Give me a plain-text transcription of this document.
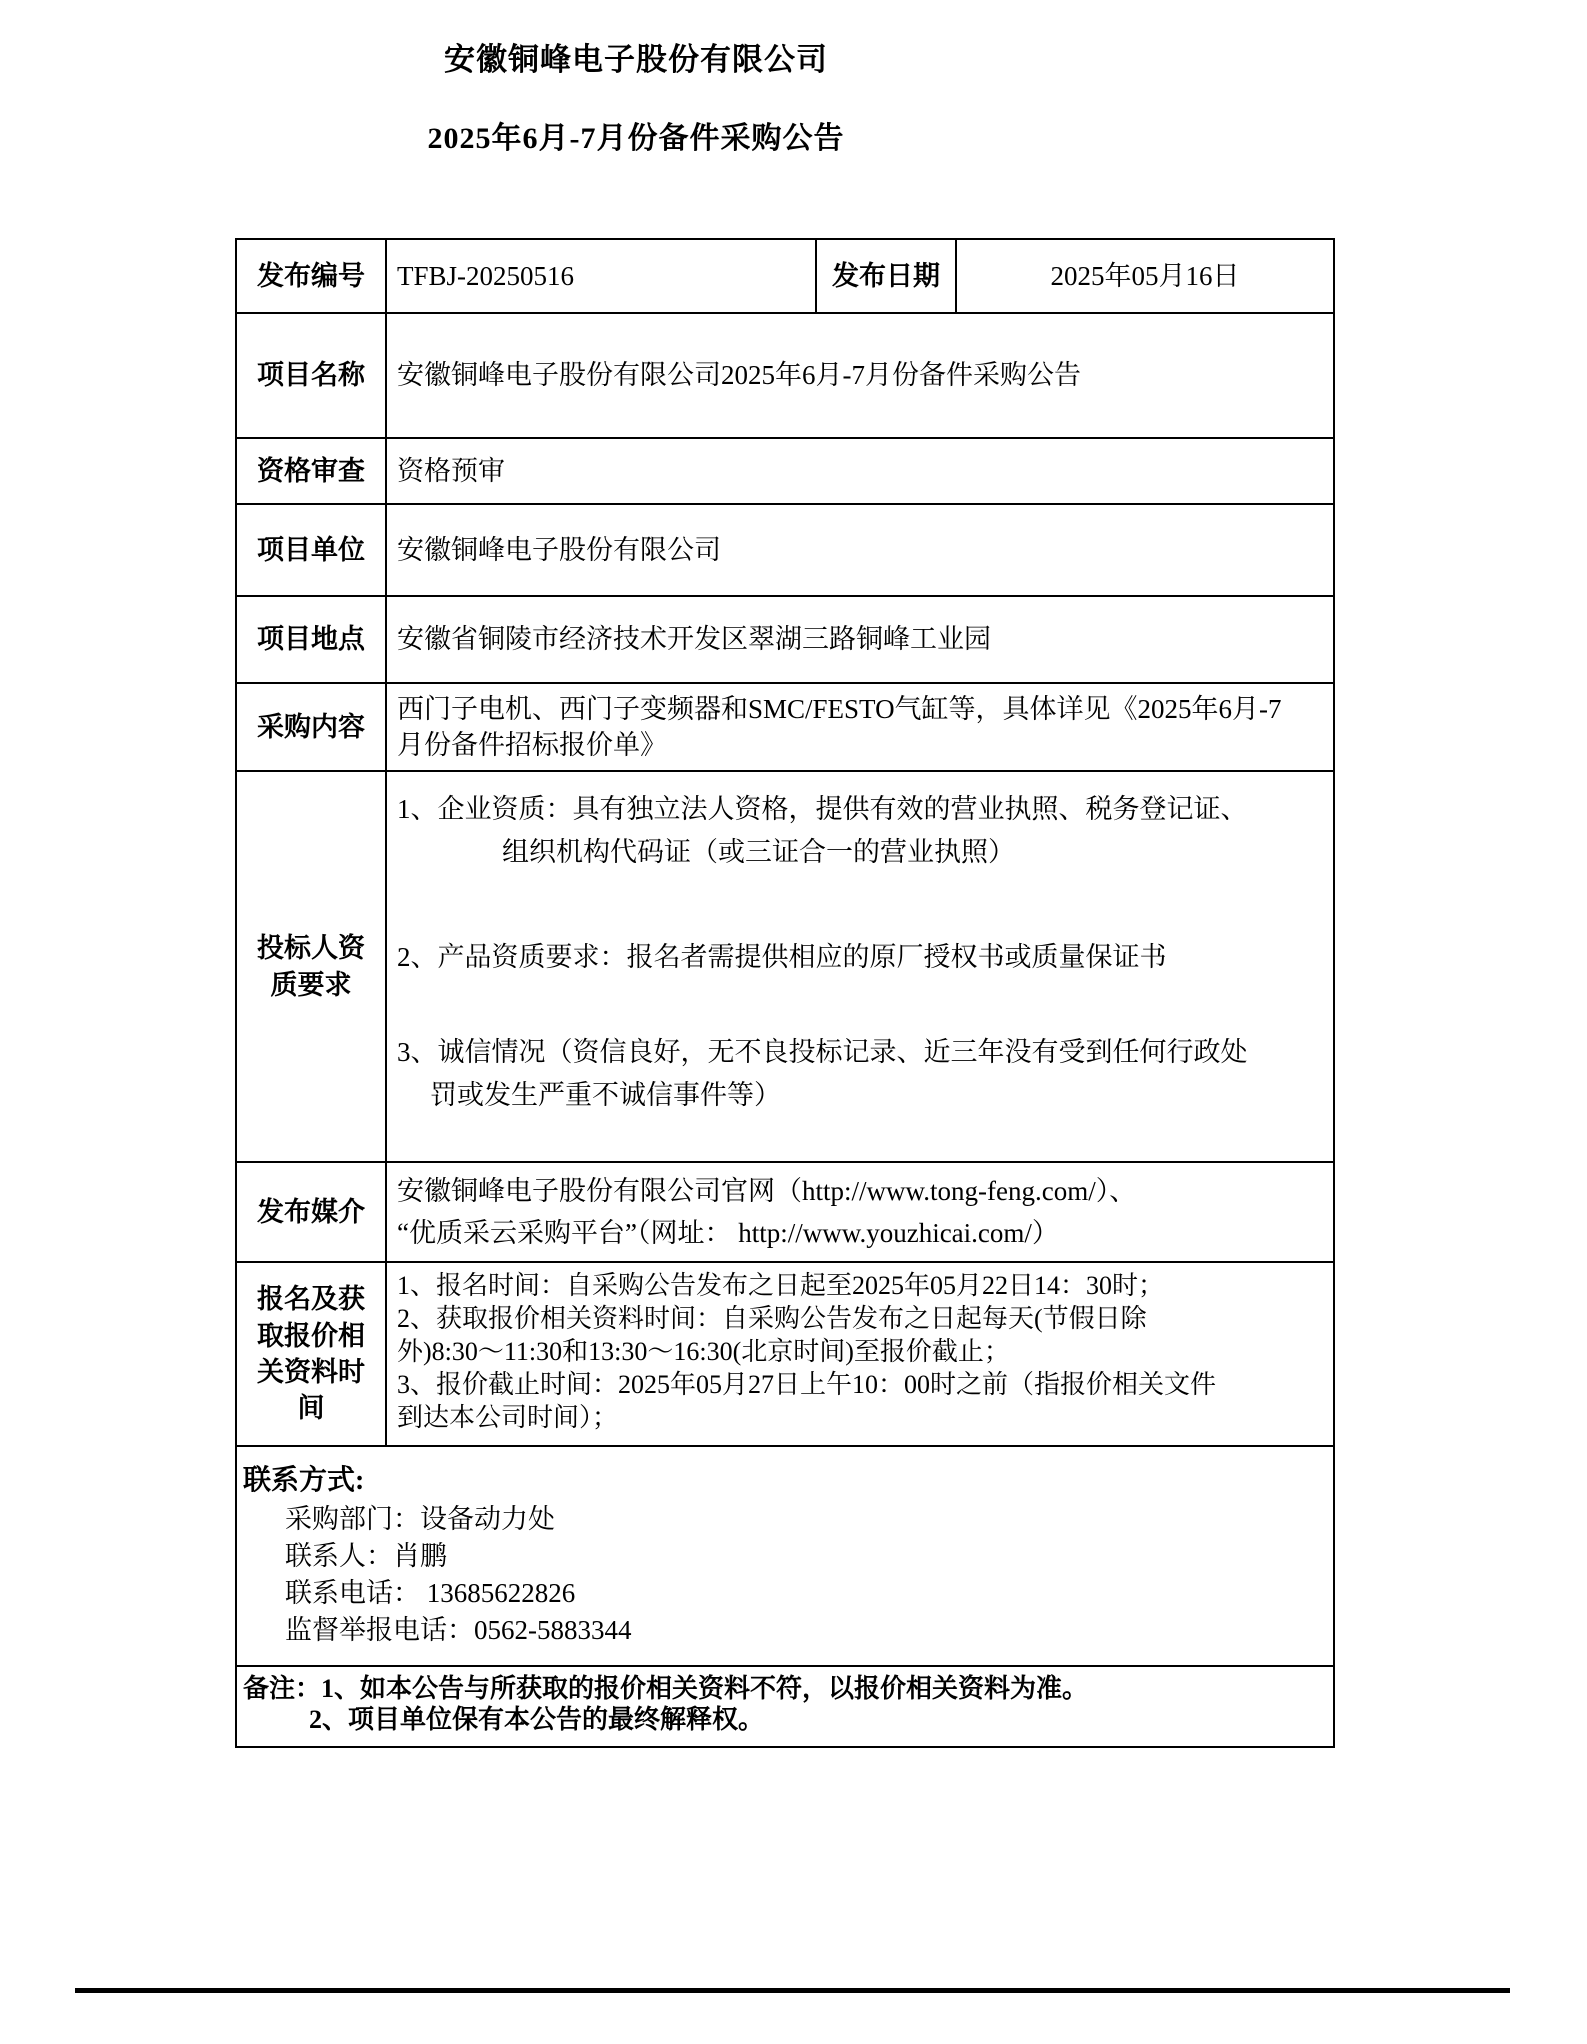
安徽铜峰电子股份有限公司
2025年6月-7月份备件采购公告
发布编号	TFBJ-20250516	发布日期	2025年05月16日
项目名称	安徽铜峰电子股份有限公司2025年6月-7月份备件采购公告		
资格审查	资格预审		
项目单位	安徽铜峰电子股份有限公司		
项目地点	安徽省铜陵市经济技术开发区翠湖三路铜峰工业园		
采购内容	西门子电机、西门子变频器和SMC/FESTO气缸等，具体详见《2025年6月-7
月份备件招标报价单》		

投标人资质要求	1、企业资质：具有独立法人资格，提供有效的营业执照、税务登记证、
组织机构代码证（或三证合一的营业执照）
2、产品资质要求：报名者需提供相应的原厂授权书或质量保证书
3、诚信情况（资信良好，无不良投标记录、近三年没有受到任何行政处
罚或发生严重不诚信事件等）		

发布媒介	安徽铜峰电子股份有限公司官网（http://www.tong-feng.com/）、
“优质采云采购平台”（网址： http://www.youzhicai.com/）		

报名及获取报价相关资料时间	1、报名时间：自采购公告发布之日起至2025年05月22日14：30时；
2、获取报价相关资料时间：自采购公告发布之日起每天(节假日除
外)8:30～11:30和13:30～16:30(北京时间)至报价截止；
3、报价截止时间：2025年05月27日上午10：00时之前（指报价相关文件
到达本公司时间）；		

联系方式:
采购部门：设备动力处
联系人：肖鹏
联系电话： 13685622826
监督举报电话：0562-5883344			

备注：1、如本公告与所获取的报价相关资料不符，以报价相关资料为准。
2、项目单位保有本公告的最终解释权。			
